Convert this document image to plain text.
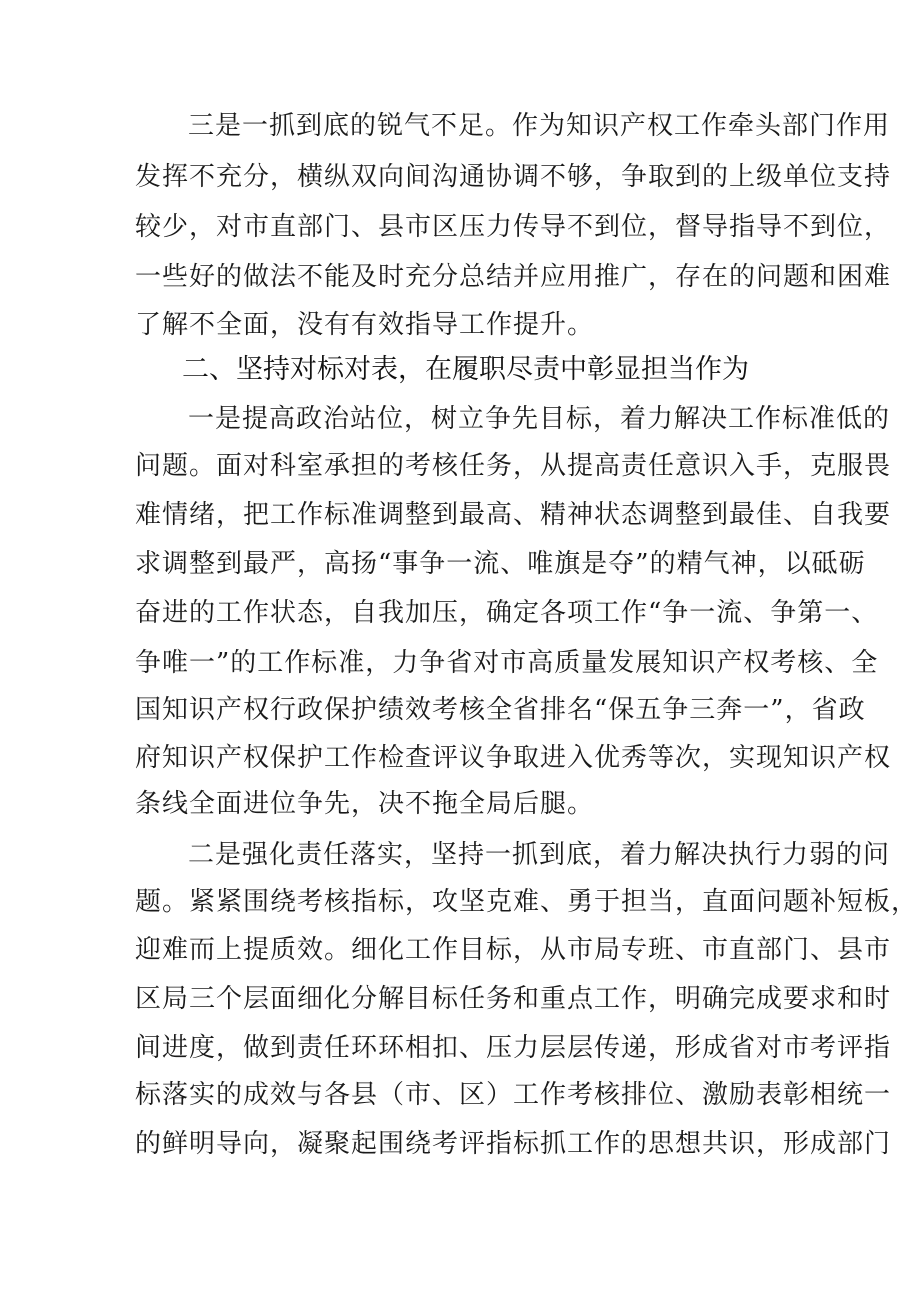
三是一抓到底的锐气不足。作为知识产权工作牵头部门作用
发挥不充分，横纵双向间沟通协调不够，争取到的上级单位支持
较少，对市直部门、县市区压力传导不到位，督导指导不到位，
一些好的做法不能及时充分总结并应用推广，存在的问题和困难
了解不全面，没有有效指导工作提升。
二、坚持对标对表，在履职尽责中彰显担当作为
一是提高政治站位，树立争先目标，着力解决工作标准低的
问题。面对科室承担的考核任务，从提高责任意识入手，克服畏
难情绪，把工作标准调整到最高、精神状态调整到最佳、自我要
求调整到最严，高扬“事争一流、唯旗是夺”的精气神，以砥砺
奋进的工作状态，自我加压，确定各项工作“争一流、争第一、
争唯一”的工作标准，力争省对市高质量发展知识产权考核、全
国知识产权行政保护绩效考核全省排名“保五争三奔一”，省政
府知识产权保护工作检查评议争取进入优秀等次，实现知识产权
条线全面进位争先，决不拖全局后腿。
二是强化责任落实，坚持一抓到底，着力解决执行力弱的问
题。紧紧围绕考核指标，攻坚克难、勇于担当，直面问题补短板，
迎难而上提质效。细化工作目标，从市局专班、市直部门、县市
区局三个层面细化分解目标任务和重点工作，明确完成要求和时
间进度，做到责任环环相扣、压力层层传递，形成省对市考评指
标落实的成效与各县（市、区）工作考核排位、激励表彰相统一
的鲜明导向，凝聚起围绕考评指标抓工作的思想共识，形成部门
